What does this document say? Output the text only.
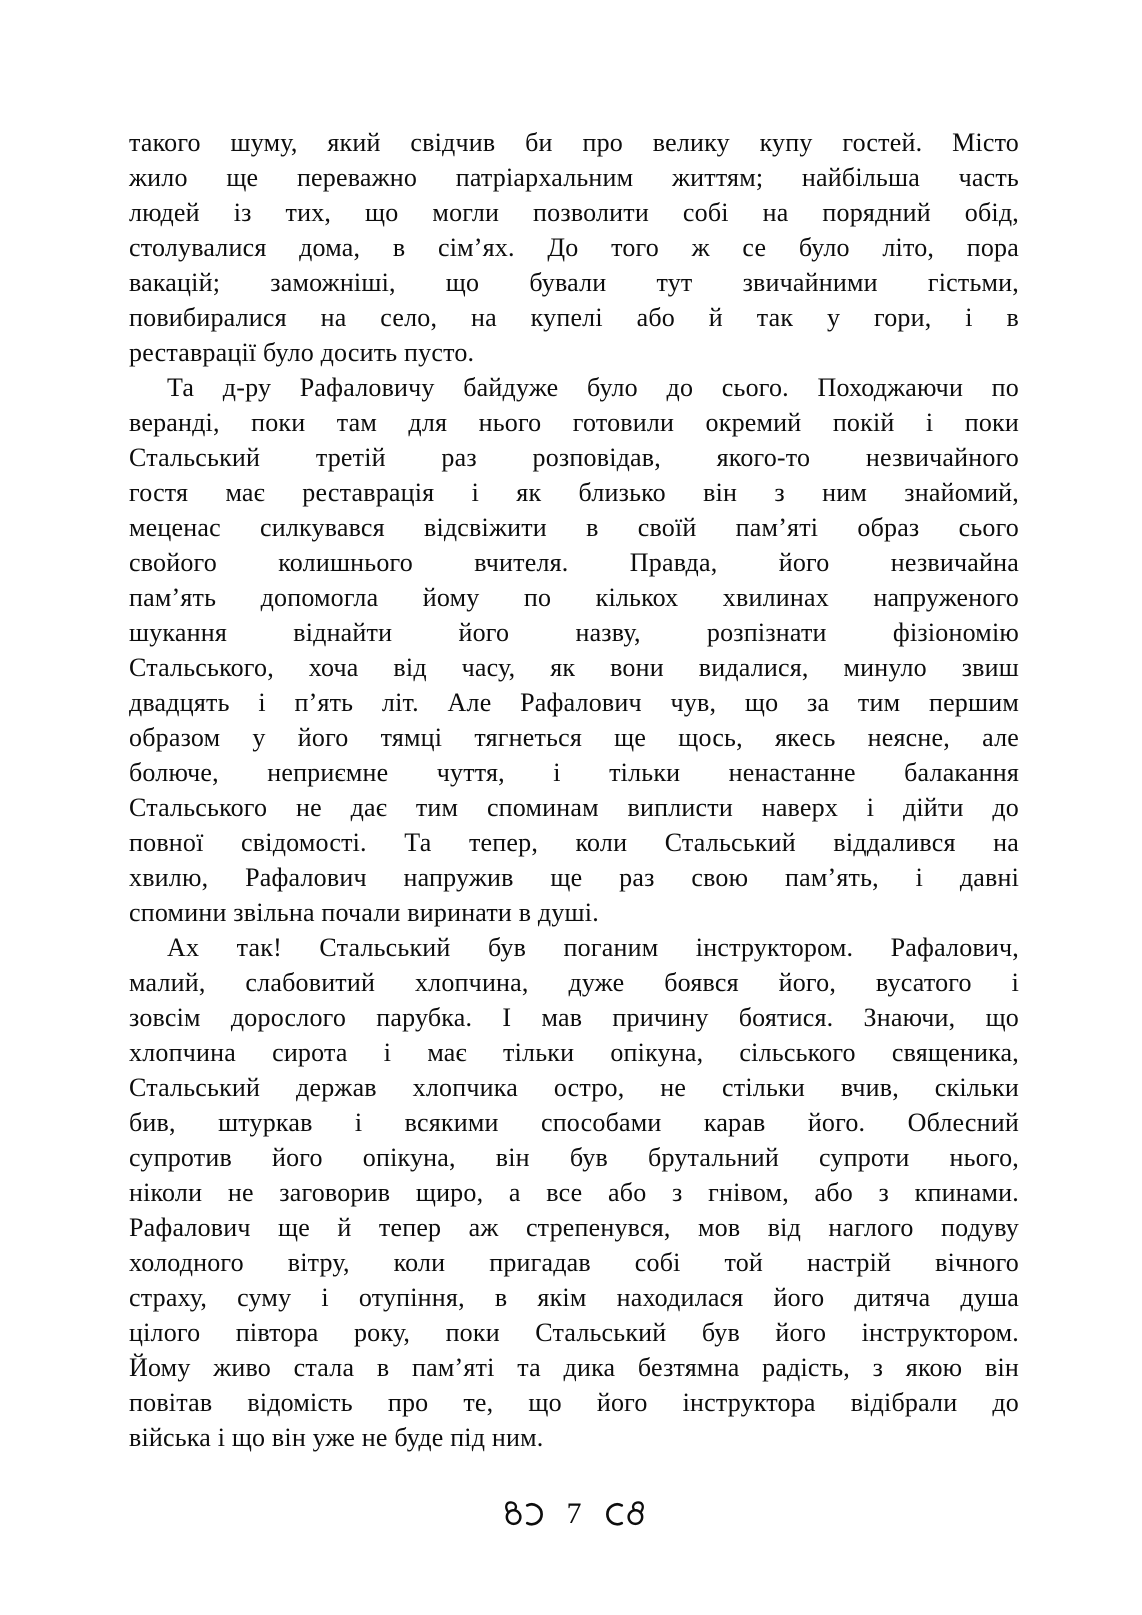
такого шуму, який свідчив би про велику купу гостей. Місто
жило ще переважно патріархальним життям; найбільша часть
людей із тих, що могли позволити собі на порядний обід,
столувалися дома, в сім’ях. До того ж се було літо, пора
вакацій; заможніші, що бували тут звичайними гістьми,
повибиралися на село, на купелі або й так у гори, і в
реставрації було досить пусто.
Та д-ру Рафаловичу байдуже було до сього. Походжаючи по
веранді, поки там для нього готовили окремий покій і поки
Стальський третій раз розповідав, якого-то незвичайного
гостя має реставрація і як близько він з ним знайомий,
меценас силкувався відсвіжити в своїй пам’яті образ сього
свойого колишнього вчителя. Правда, його незвичайна
пам’ять допомогла йому по кількох хвилинах напруженого
шукання віднайти його назву, розпізнати фізіономію
Стальського, хоча від часу, як вони видалися, минуло звиш
двадцять і п’ять літ. Але Рафалович чув, що за тим першим
образом у його тямці тягнеться ще щось, якесь неясне, але
болюче, неприємне чуття, і тільки ненастанне балакання
Стальського не дає тим споминам виплисти наверх і дійти до
повної свідомості. Та тепер, коли Стальський віддалився на
хвилю, Рафалович напружив ще раз свою пам’ять, і давні
спомини звільна почали виринати в душі.
Ах так! Стальський був поганим інструктором. Рафалович,
малий, слабовитий хлопчина, дуже боявся його, вусатого і
зовсім дорослого парубка. І мав причину боятися. Знаючи, що
хлопчина сирота і має тільки опікуна, сільського священика,
Стальський держав хлопчика остро, не стільки вчив, скільки
бив, штуркав і всякими способами карав його. Облесний
супротив його опікуна, він був брутальний супроти нього,
ніколи не заговорив щиро, а все або з гнівом, або з кпинами.
Рафалович ще й тепер аж стрепенувся, мов від наглого подуву
холодного вітру, коли пригадав собі той настрій вічного
страху, суму і отупіння, в якім находилася його дитяча душа
цілого півтора року, поки Стальський був його інструктором.
Йому живо стала в пам’яті та дика безтямна радість, з якою він
повітав відомість про те, що його інструктора відібрали до
війська і що він уже не буде під ним.
7
